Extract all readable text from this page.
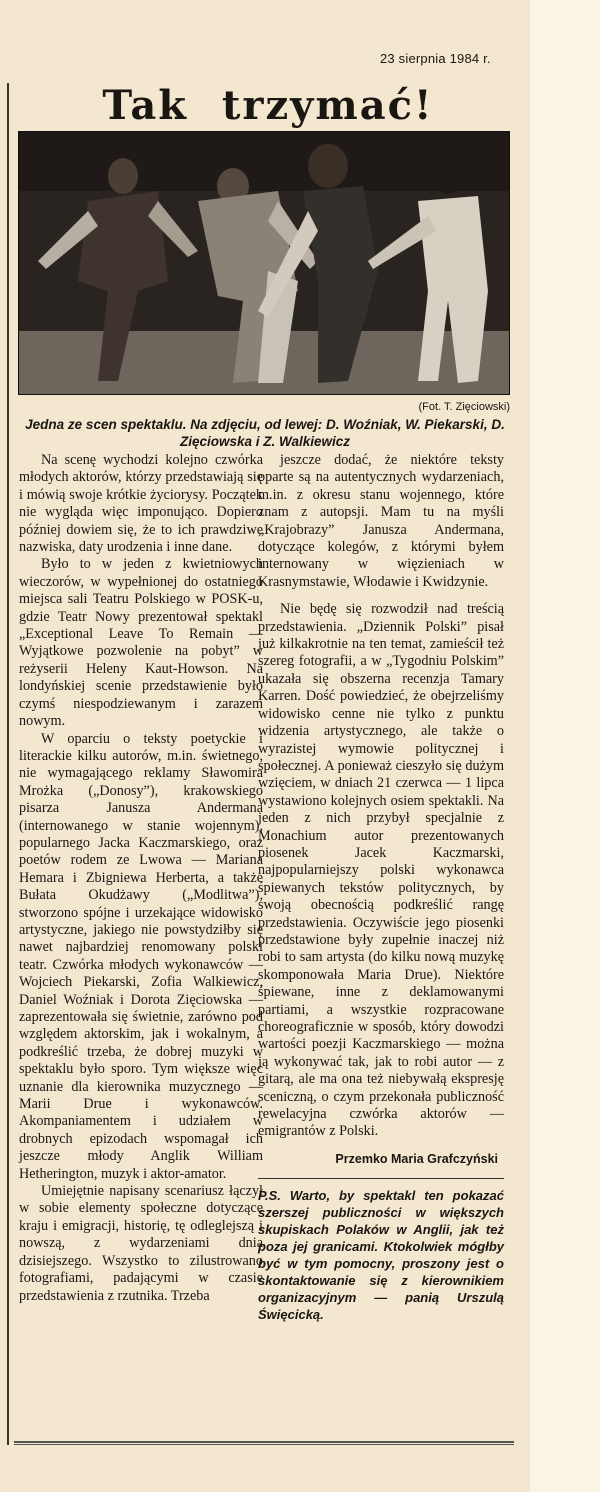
23 sierpnia 1984 r.
Tak trzymać!
(Fot. T. Zięciowski)
Jedna ze scen spektaklu. Na zdjęciu, od lewej: D. Woźniak, W. Piekarski, D. Zięciowska i Z. Walkiewicz

Na scenę wychodzi kolejno czwórka młodych aktorów, którzy przedstawiają się i mówią swoje krótkie życiorysy. Początek nie wygląda więc imponująco. Dopiero później dowiem się, że to ich prawdziwe nazwiska, daty urodzenia i inne dane.

Było to w jeden z kwietniowych wieczorów, w wypełnionej do ostatniego miejsca sali Teatru Polskiego w POSK-u, gdzie Teatr Nowy prezentował spektakl „Exceptional Leave To Remain — Wyjątkowe pozwolenie na pobyt” w reżyserii Heleny Kaut-Howson. Na londyńskiej scenie przedstawienie było czymś niespodziewanym i zarazem nowym.

W oparciu o teksty poetyckie i literackie kilku autorów, m.in. świetnego, nie wymagającego reklamy Sławomira Mrożka („Donosy”), krakowskiego pisarza Janusza Andermana (internowanego w stanie wojennym), popularnego Jacka Kaczmarskiego, oraz poetów rodem ze Lwowa — Mariana Hemara i Zbigniewa Herberta, a także Bułata Okudżawy („Modlitwa”), stworzono spójne i urzekające widowisko artystyczne, jakiego nie powstydziłby się nawet najbardziej renomowany polski teatr. Czwórka młodych wykonawców — Wojciech Piekarski, Zofia Walkiewicz, Daniel Woźniak i Dorota Zięciowska — zaprezentowała się świetnie, zarówno pod względem aktorskim, jak i wokalnym, a podkreślić trzeba, że dobrej muzyki w spektaklu było sporo. Tym większe więc uznanie dla kierownika muzycznego — Marii Drue i wykonawców. Akompaniamentem i udziałem w drobnych epizodach wspomagał ich jeszcze młody Anglik William Hetherington, muzyk i aktor-amator.

Umiejętnie napisany scenariusz łączył w sobie elementy społeczne dotyczące kraju i emigracji, historię, tę odleglejszą i nowszą, z wydarzeniami dnia dzisiejszego. Wszystko to zilustrowano fotografiami, padającymi w czasie przedstawienia z rzutnika. Trzeba

jeszcze dodać, że niektóre teksty oparte są na autentycznych wydarzeniach, m.in. z okresu stanu wojennego, które znam z autopsji. Mam tu na myśli „Krajobrazy” Janusza Andermana, dotyczące kolegów, z którymi byłem internowany w więzieniach w Krasnymstawie, Włodawie i Kwidzynie.

Nie będę się rozwodził nad treścią przedstawienia. „Dziennik Polski” pisał już kilkakrotnie na ten temat, zamieścił też szereg fotografii, a w „Tygodniu Polskim” ukazała się obszerna recenzja Tamary Karren. Dość powiedzieć, że obejrzeliśmy widowisko cenne nie tylko z punktu widzenia artystycznego, ale także o wyrazistej wymowie politycznej i społecznej. A ponieważ cieszyło się dużym wzięciem, w dniach 21 czerwca — 1 lipca wystawiono kolejnych osiem spektakli. Na jeden z nich przybył specjalnie z Monachium autor prezentowanych piosenek Jacek Kaczmarski, najpopularniejszy polski wykonawca śpiewanych tekstów politycznych, by swoją obecnością podkreślić rangę przedstawienia. Oczywiście jego piosenki przedstawione były zupełnie inaczej niż robi to sam artysta (do kilku nową muzykę skomponowała Maria Drue). Niektóre śpiewane, inne z deklamowanymi partiami, a wszystkie rozpracowane choreograficznie w sposób, który dowodzi wartości poezji Kaczmarskiego — można ją wykonywać tak, jak to robi autor — z gitarą, ale ma ona też niebywałą ekspresję sceniczną, o czym przekonała publiczność rewelacyjna czwórka aktorów — emigrantów z Polski.

Przemko Maria Grafczyński

P.S. Warto, by spektakl ten pokazać szerszej publiczności w większych skupiskach Polaków w Anglii, jak też poza jej granicami. Ktokolwiek mógłby być w tym pomocny, proszony jest o skontaktowanie się z kierownikiem organizacyjnym — panią Urszulą Święcicką.
